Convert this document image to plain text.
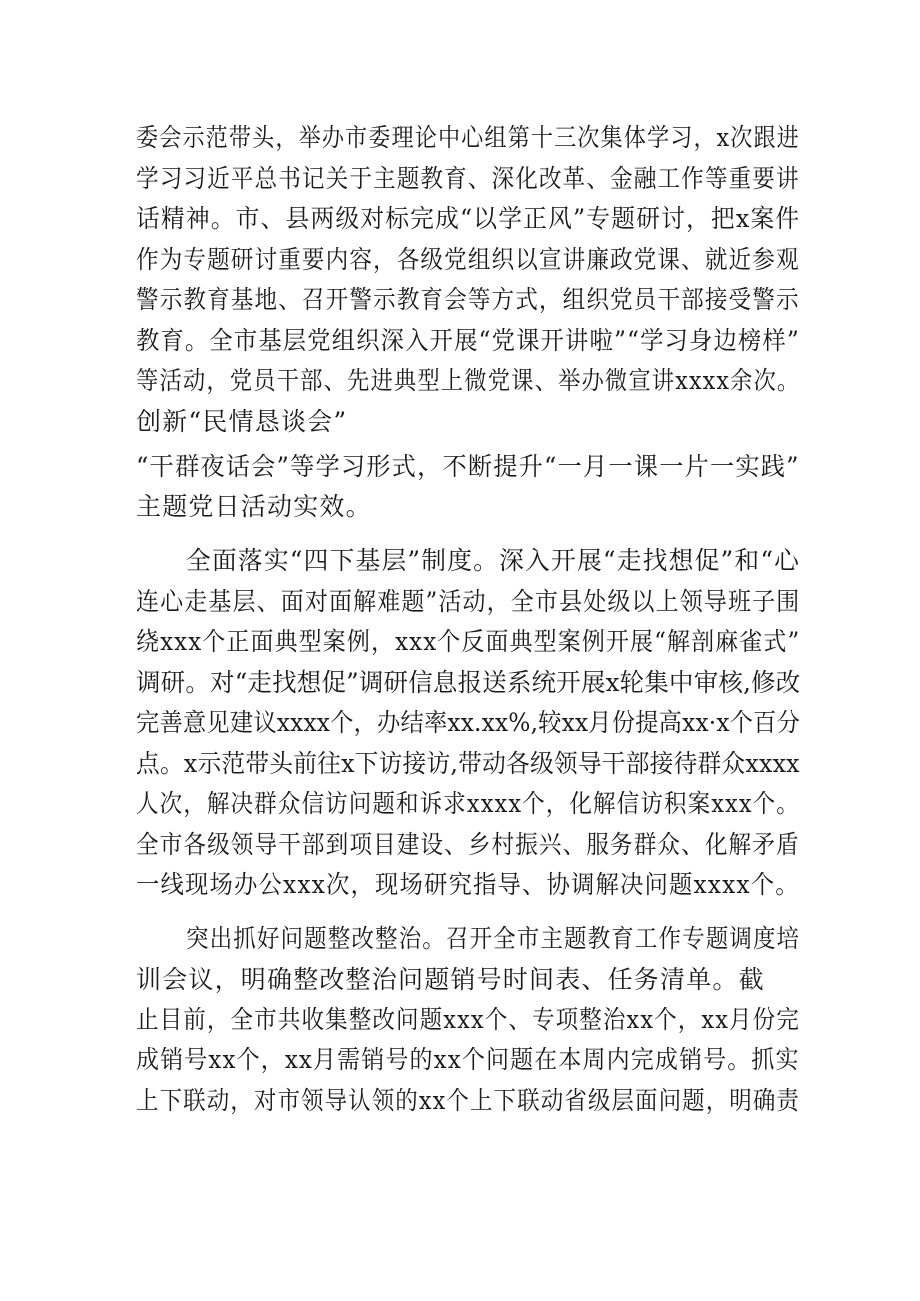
委会示范带头，举办市委理论中心组第十三次集体学习，x次跟进
学习习近平总书记关于主题教育、深化改革、金融工作等重要讲
话精神。市、县两级对标完成“以学正风”专题研讨，把x案件
作为专题研讨重要内容，各级党组织以宣讲廉政党课、就近参观
警示教育基地、召开警示教育会等方式，组织党员干部接受警示
教育。全市基层党组织深入开展“党课开讲啦”“学习身边榜样”
等活动，党员干部、先进典型上微党课、举办微宣讲xxxx余次。
创新“民情恳谈会”
“干群夜话会”等学习形式，不断提升“一月一课一片一实践”
主题党日活动实效。
全面落实“四下基层”制度。深入开展“走找想促”和“心
连心走基层、面对面解难题”活动，全市县处级以上领导班子围
绕xxx个正面典型案例，xxx个反面典型案例开展“解剖麻雀式”
调研。对“走找想促”调研信息报送系统开展x轮集中审核,修改
完善意见建议xxxx个，办结率xx.xx%,较xx月份提高xx·x个百分
点。x示范带头前往x下访接访,带动各级领导干部接待群众xxxx
人次，解决群众信访问题和诉求xxxx个，化解信访积案xxx个。
全市各级领导干部到项目建设、乡村振兴、服务群众、化解矛盾
一线现场办公xxx次，现场研究指导、协调解决问题xxxx个。
突出抓好问题整改整治。召开全市主题教育工作专题调度培
训会议，明确整改整治问题销号时间表、任务清单。截
止目前，全市共收集整改问题xxx个、专项整治xx个，xx月份完
成销号xx个，xx月需销号的xx个问题在本周内完成销号。抓实
上下联动，对市领导认领的xx个上下联动省级层面问题，明确责
